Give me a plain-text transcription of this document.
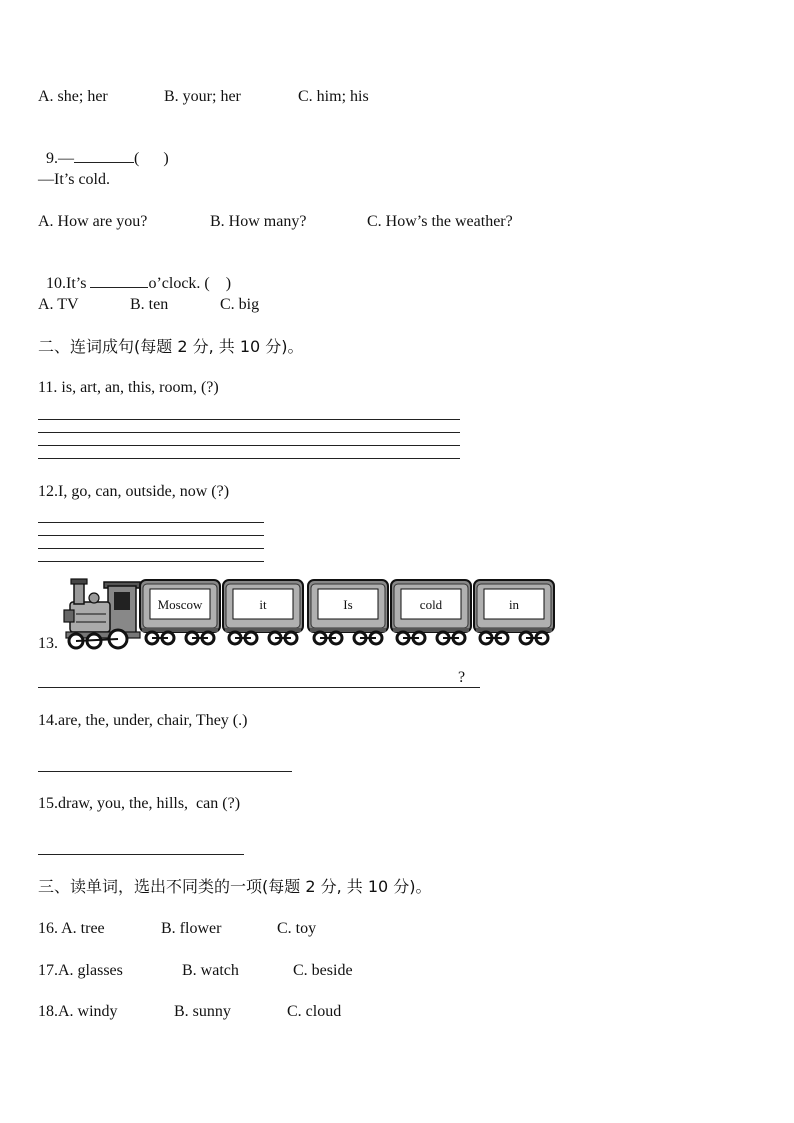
A. she; her	B. your; her	C. him; his

9.—	(      )

—It’s cold.
A. How are you?	B. How many?	C. How’s the weather?

10.It’s	o’clock. (    )

A. TV	B. ten	C. big
二、连词成句(每题 2 分, 共 10 分)。
11. is, art, an, this, room, (?)
12.I, go, can, outside, now (?)
13.
Moscow	it	Is	cold	in
?
14.are, the, under, chair, They (.)
15.draw, you, the, hills,  can (?)
三、读单词，选出不同类的一项(每题 2 分, 共 10 分)。
16. A. tree	B. flower	C. toy
17.A. glasses	B. watch	C. beside
18.A. windy	B. sunny	C. cloud
